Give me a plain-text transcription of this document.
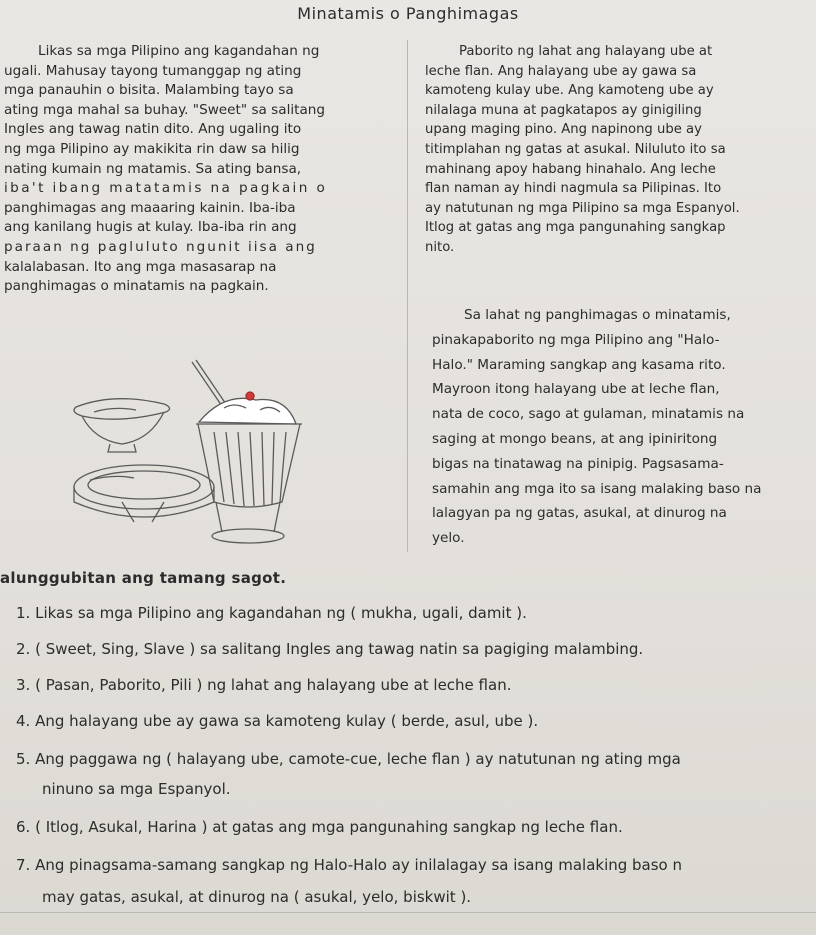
Minatamis o Panghimagas

Likas sa mga Pilipino ang kagandahan ng

ugali. Mahusay tayong tumanggap ng ating

mga panauhin o bisita. Malambing tayo sa

ating mga mahal sa buhay. "Sweet" sa salitang

Ingles ang tawag natin dito. Ang ugaling ito

ng mga Pilipino ay makikita rin daw sa hilig

nating kumain ng matamis. Sa ating bansa,

iba't ibang matatamis na pagkain o

panghimagas ang maaaring kainin. Iba-iba

ang kanilang hugis at kulay. Iba-iba rin ang

paraan ng pagluluto ngunit iisa ang

kalalabasan. Ito ang mga masasarap na

panghimagas o minatamis na pagkain.

Paborito ng lahat ang halayang ube at

leche flan. Ang halayang ube ay gawa sa

kamoteng kulay ube. Ang kamoteng ube ay

nilalaga muna at pagkatapos ay ginigiling

upang maging pino. Ang napinong ube ay

titimplahan ng gatas at asukal. Niluluto ito sa

mahinang apoy habang hinahalo. Ang leche

flan naman ay hindi nagmula sa Pilipinas. Ito

ay natutunan ng mga Pilipino sa mga Espanyol.

Itlog at gatas ang mga pangunahing sangkap

nito.

Sa lahat ng panghimagas o minatamis,

pinakapaborito ng mga Pilipino ang "Halo-

Halo." Maraming sangkap ang kasama rito.

Mayroon itong halayang ube at leche flan,

nata de coco, sago at gulaman, minatamis na

saging at mongo beans, at ang ipiniritong

bigas na tinatawag na pinipig. Pagsasama-

samahin ang mga ito sa isang malaking baso na

lalagyan pa ng gatas, asukal, at dinurog na

yelo.

alunggubitan ang tamang sagot.
1. Likas sa mga Pilipino ang kagandahan ng ( mukha, ugali, damit ).
2. ( Sweet, Sing, Slave ) sa salitang Ingles ang tawag natin sa pagiging malambing.
3. ( Pasan, Paborito, Pili ) ng lahat ang halayang ube at leche flan.
4. Ang halayang ube ay gawa sa kamoteng kulay ( berde, asul, ube ).
5. Ang paggawa ng ( halayang ube, camote-cue, leche flan ) ay natutunan ng ating mga
ninuno sa mga Espanyol.
6. ( Itlog, Asukal, Harina ) at gatas ang mga pangunahing sangkap ng leche flan.
7. Ang pinagsama-samang sangkap ng Halo-Halo ay inilalagay sa isang malaking baso n
may gatas, asukal, at dinurog na ( asukal, yelo, biskwit ).
